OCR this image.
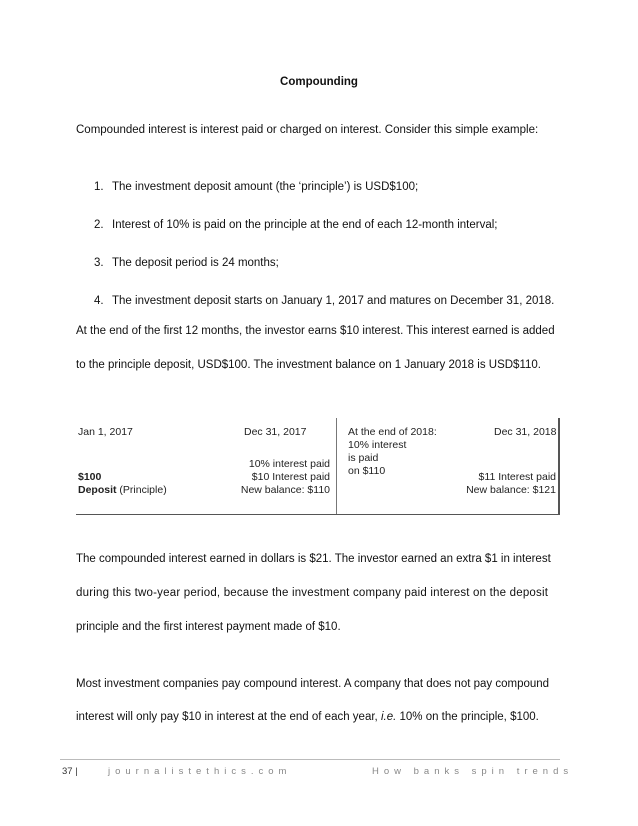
Compounding

Compounded interest is interest paid or charged on interest. Consider this simple example:

1. The investment deposit amount (the ‘principle’) is USD$100;
2. Interest of 10% is paid on the principle at the end of each 12-month interval;
3. The deposit period is 24 months;
4. The investment deposit starts on January 1, 2017 and matures on December 31, 2018.

At the end of the first 12 months, the investor earns $10 interest. This interest earned is added

to the principle deposit, USD$100. The investment balance on 1 January 2018 is USD$110.

Jan 1, 2017
$100
Deposit (Principle)
Dec 31, 2017
10% interest paid
$10 Interest paid
New balance: $110
At the end of 2018:
10% interest
is paid
on $110
Dec 31, 2018
$11 Interest paid
New balance: $121

The compounded interest earned in dollars is $21. The investor earned an extra $1 in interest

during this two-year period, because the investment company paid interest on the deposit

principle and the first interest payment made of $10.

Most investment companies pay compound interest. A company that does not pay compound

interest will only pay $10 in interest at the end of each year, i.e. 10% on the principle, $100.

37 |	journalistethics.com	How banks spin trends
